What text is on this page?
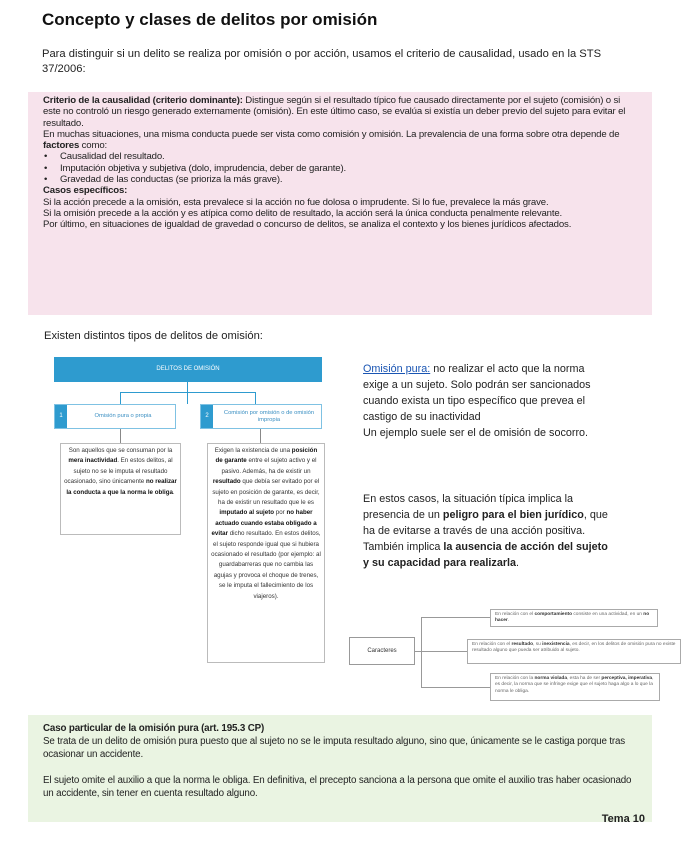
Concepto y clases de delitos por omisión

Para distinguir si un delito se realiza por omisión o por acción, usamos el criterio de causalidad, usado en la STS 37/2006:

Criterio de la causalidad (criterio dominante): Distingue según si el resultado típico fue causado directamente por el sujeto (comisión) o si este no controló un riesgo generado externamente (omisión). En este último caso, se evalúa si existía un deber previo del sujeto para evitar el resultado.

En muchas situaciones, una misma conducta puede ser vista como comisión y omisión. La prevalencia de una forma sobre otra depende de factores como:

• Causalidad del resultado.
• Imputación objetiva y subjetiva (dolo, imprudencia, deber de garante).
• Gravedad de las conductas (se prioriza la más grave).

Casos específicos:

Si la acción precede a la omisión, esta prevalece si la acción no fue dolosa o imprudente. Si lo fue, prevalece la más grave.

Si la omisión precede a la acción y es atípica como delito de resultado, la acción será la única conducta penalmente relevante.

Por último, en situaciones de igualdad de gravedad o concurso de delitos, se analiza el contexto y los bienes jurídicos afectados.

Existen distintos tipos de delitos de omisión:
DELITOS DE OMISIÓN
1	Omisión pura o propia	2
Comisión por omisión o de omisión impropia
Son aquellos que se consuman por la mera inactividad. En estos delitos, al sujeto no se le imputa el resultado ocasionado, sino únicamente no realizar la conducta a que la norma le obliga.
Exigen la existencia de una posición de garante entre el sujeto activo y el pasivo. Además, ha de existir un resultado que debía ser evitado por el sujeto en posición de garante, es decir, ha de existir un resultado que le es imputado al sujeto por no haber actuado cuando estaba obligado a evitar dicho resultado. En estos delitos, el sujeto responde igual que si hubiera ocasionado el resultado (por ejemplo: al guardabarreras que no cambia las agujas y provoca el choque de trenes, se le imputa el fallecimiento de los viajeros).
Omisión pura: no realizar el acto que la norma exige a un sujeto. Solo podrán ser sancionados cuando exista un tipo específico que prevea el castigo de su inactividad
Un ejemplo suele ser el de omisión de socorro.
En estos casos, la situación típica implica la presencia de un peligro para el bien jurídico, que ha de evitarse a través de una acción positiva. También implica la ausencia de acción del sujeto y su capacidad para realizarla.
Caracteres
En relación con el comportamiento consiste en una actividad, en un no hacer.
En relación con el resultado, su inexistencia, es decir, en los delitos de omisión pura no existe resultado alguno que pueda ser atribuido al sujeto.
En relación con la norma violada, esta ha de ser perceptiva, imperativa, es decir, la norma que se infringe exige que el sujeto haga algo a lo que la norma le obliga.

Caso particular de la omisión pura (art. 195.3 CP)

Se trata de un delito de omisión pura puesto que al sujeto no se le imputa resultado alguno, sino que, únicamente se le castiga porque tras ocasionar un accidente.

El sujeto omite el auxilio a que la norma le obliga. En definitiva, el precepto sanciona a la persona que omite el auxilio tras haber ocasionado un accidente, sin tener en cuenta resultado alguno.

Tema 10
